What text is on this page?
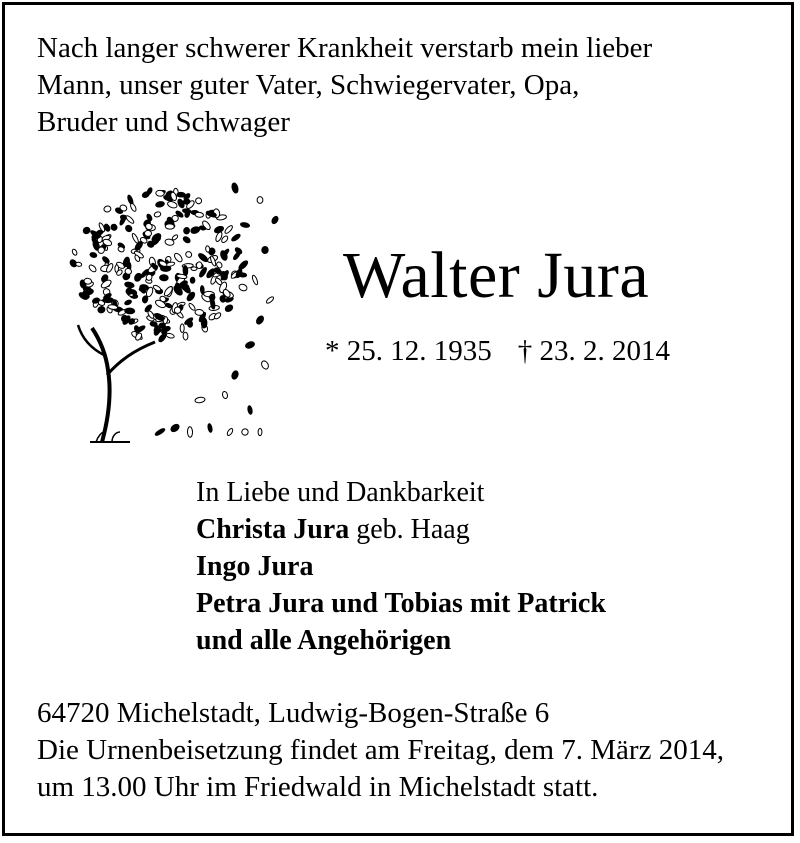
Nach langer schwerer Krankheit verstarb mein lieber
Mann, unser guter Vater, Schwiegervater, Opa,
Bruder und Schwager

Walter Jura
* 25. 12. 1935 † 23. 2. 2014
In Liebe und Dankbarkeit
Christa Jura geb. Haag
Ingo Jura
Petra Jura und Tobias mit Patrick
und alle Angehörigen
64720 Michelstadt, Ludwig-Bogen-Straße 6
Die Urnenbeisetzung findet am Freitag, dem 7. März 2014,
um 13.00 Uhr im Friedwald in Michelstadt statt.
